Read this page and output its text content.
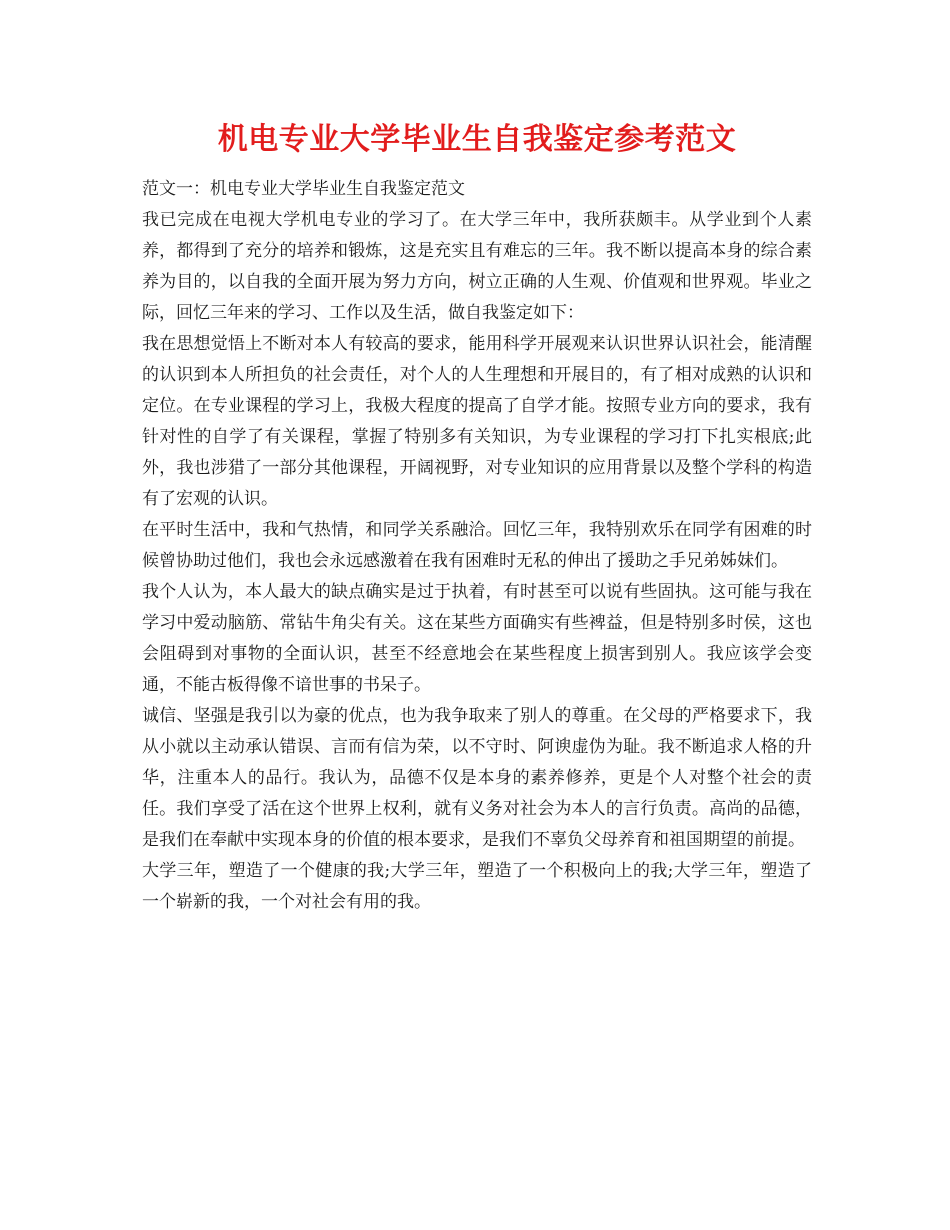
机电专业大学毕业生自我鉴定参考范文

范文一：机电专业大学毕业生自我鉴定范文

我已完成在电视大学机电专业的学习了。在大学三年中，我所获颇丰。从学业到个人素养，都得到了充分的培养和锻炼，这是充实且有难忘的三年。我不断以提高本身的综合素养为目的，以自我的全面开展为努力方向，树立正确的人生观、价值观和世界观。毕业之际，回忆三年来的学习、工作以及生活，做自我鉴定如下：

我在思想觉悟上不断对本人有较高的要求，能用科学开展观来认识世界认识社会，能清醒的认识到本人所担负的社会责任，对个人的人生理想和开展目的，有了相对成熟的认识和定位。在专业课程的学习上，我极大程度的提高了自学才能。按照专业方向的要求，我有针对性的自学了有关课程，掌握了特别多有关知识，为专业课程的学习打下扎实根底;此外，我也涉猎了一部分其他课程，开阔视野，对专业知识的应用背景以及整个学科的构造有了宏观的认识。

在平时生活中，我和气热情，和同学关系融洽。回忆三年，我特别欢乐在同学有困难的时候曾协助过他们，我也会永远感激着在我有困难时无私的伸出了援助之手兄弟姊妹们。

我个人认为，本人最大的缺点确实是过于执着，有时甚至可以说有些固执。这可能与我在学习中爱动脑筋、常钻牛角尖有关。这在某些方面确实有些裨益，但是特别多时侯，这也会阻碍到对事物的全面认识，甚至不经意地会在某些程度上损害到别人。我应该学会变通，不能古板得像不谙世事的书呆子。

诚信、坚强是我引以为豪的优点，也为我争取来了别人的尊重。在父母的严格要求下，我从小就以主动承认错误、言而有信为荣，以不守时、阿谀虚伪为耻。我不断追求人格的升华，注重本人的品行。我认为，品德不仅是本身的素养修养，更是个人对整个社会的责任。我们享受了活在这个世界上权利，就有义务对社会为本人的言行负责。高尚的品德，是我们在奉献中实现本身的价值的根本要求，是我们不辜负父母养育和祖国期望的前提。

大学三年，塑造了一个健康的我;大学三年，塑造了一个积极向上的我;大学三年，塑造了一个崭新的我，一个对社会有用的我。
